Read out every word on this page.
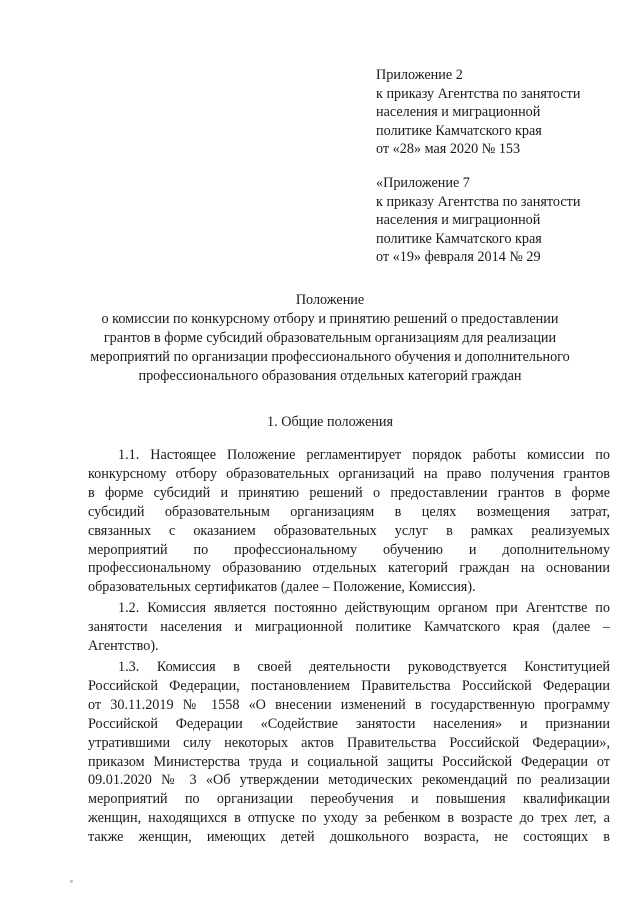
Приложение 2
к приказу Агентства по занятости
населения и миграционной
политике Камчатского края
от «28» мая 2020 № 153
«Приложение 7
к приказу Агентства по занятости
населения и миграционной
политике Камчатского края
от «19» февраля 2014 № 29
Положение
о комиссии по конкурсному отбору и принятию решений о предоставлении
грантов в форме субсидий образовательным организациям для реализации
мероприятий по организации профессионального обучения и дополнительного
профессионального образования отдельных категорий граждан
1. Общие положения
1.1. Настоящее Положение регламентирует порядок работы комиссии по
конкурсному отбору образовательных организаций на право получения грантов
в форме субсидий и принятию решений о предоставлении грантов в форме
субсидий образовательным организациям в целях возмещения затрат,
связанных с оказанием образовательных услуг в рамках реализуемых
мероприятий по профессиональному обучению и дополнительному
профессиональному образованию отдельных категорий граждан на основании
образовательных сертификатов (далее – Положение, Комиссия).
1.2. Комиссия является постоянно действующим органом при Агентстве по
занятости населения и миграционной политике Камчатского края (далее –
Агентство).
1.3. Комиссия в своей деятельности руководствуется Конституцией
Российской Федерации, постановлением Правительства Российской Федерации
от 30.11.2019 № 1558 «О внесении изменений в государственную программу
Российской Федерации «Содействие занятости населения» и признании
утратившими силу некоторых актов Правительства Российской Федерации»,
приказом Министерства труда и социальной защиты Российской Федерации от
09.01.2020 № 3 «Об утверждении методических рекомендаций по реализации
мероприятий по организации переобучения и повышения квалификации
женщин, находящихся в отпуске по уходу за ребенком в возрасте до трех лет, а
также женщин, имеющих детей дошкольного возраста, не состоящих в
